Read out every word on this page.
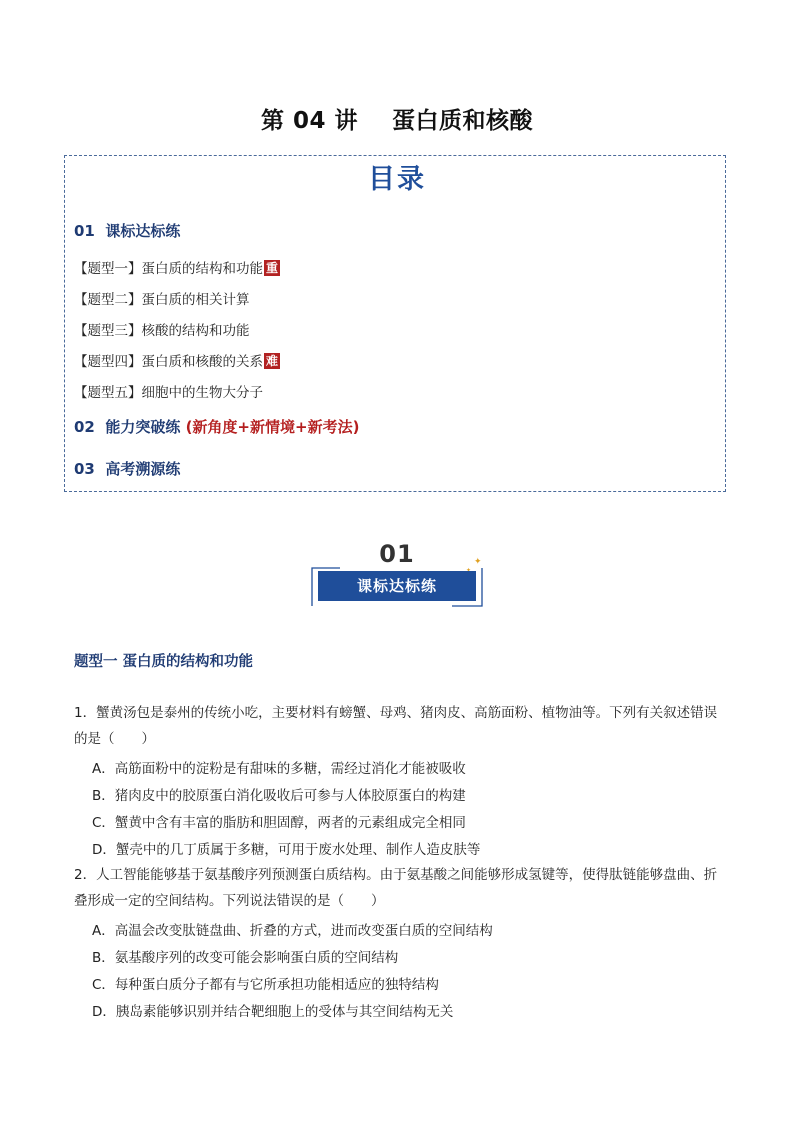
第 04 讲 蛋白质和核酸
目录
01 课标达标练
【题型一】蛋白质的结构和功能 重
【题型二】蛋白质的相关计算
【题型三】核酸的结构和功能
【题型四】蛋白质和核酸的关系 难
【题型五】细胞中的生物大分子
02 能力突破练 (新角度+新情境+新考法)
03 高考溯源练
01	✦
课标达标练
题型一 蛋白质的结构和功能
1．蟹黄汤包是泰州的传统小吃，主要材料有螃蟹、母鸡、猪肉皮、高筋面粉、植物油等。下列有关叙述错误的是（　　）
A．高筋面粉中的淀粉是有甜味的多糖，需经过消化才能被吸收
B．猪肉皮中的胶原蛋白消化吸收后可参与人体胶原蛋白的构建
C．蟹黄中含有丰富的脂肪和胆固醇，两者的元素组成完全相同
D．蟹壳中的几丁质属于多糖，可用于废水处理、制作人造皮肤等
2．人工智能能够基于氨基酸序列预测蛋白质结构。由于氨基酸之间能够形成氢键等，使得肽链能够盘曲、折叠形成一定的空间结构。下列说法错误的是（　　）
A．高温会改变肽链盘曲、折叠的方式，进而改变蛋白质的空间结构
B．氨基酸序列的改变可能会影响蛋白质的空间结构
C．每种蛋白质分子都有与它所承担功能相适应的独特结构
D．胰岛素能够识别并结合靶细胞上的受体与其空间结构无关
